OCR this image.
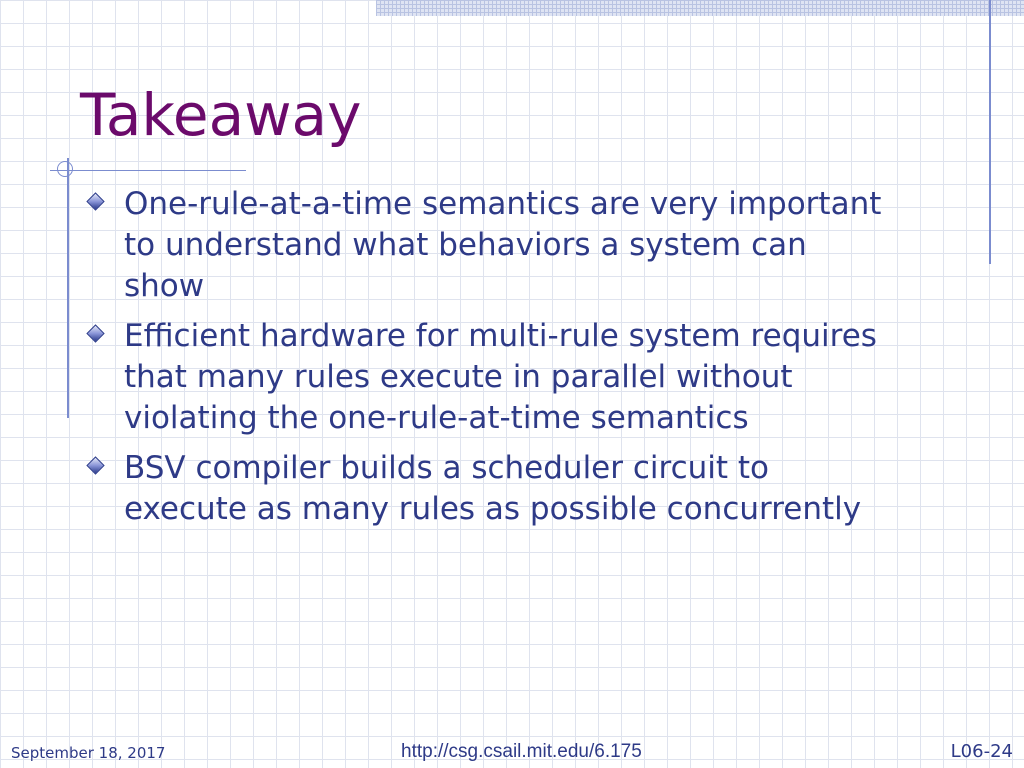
Takeaway
One-rule-at-a-time semantics are very important to understand what behaviors a system can show
Efficient hardware for multi-rule system requires that many rules execute in parallel without violating the one-rule-at-time semantics
BSV compiler builds a scheduler circuit to execute as many rules as possible concurrently
September 18, 2017	http://csg.csail.mit.edu/6.175	L06-24
